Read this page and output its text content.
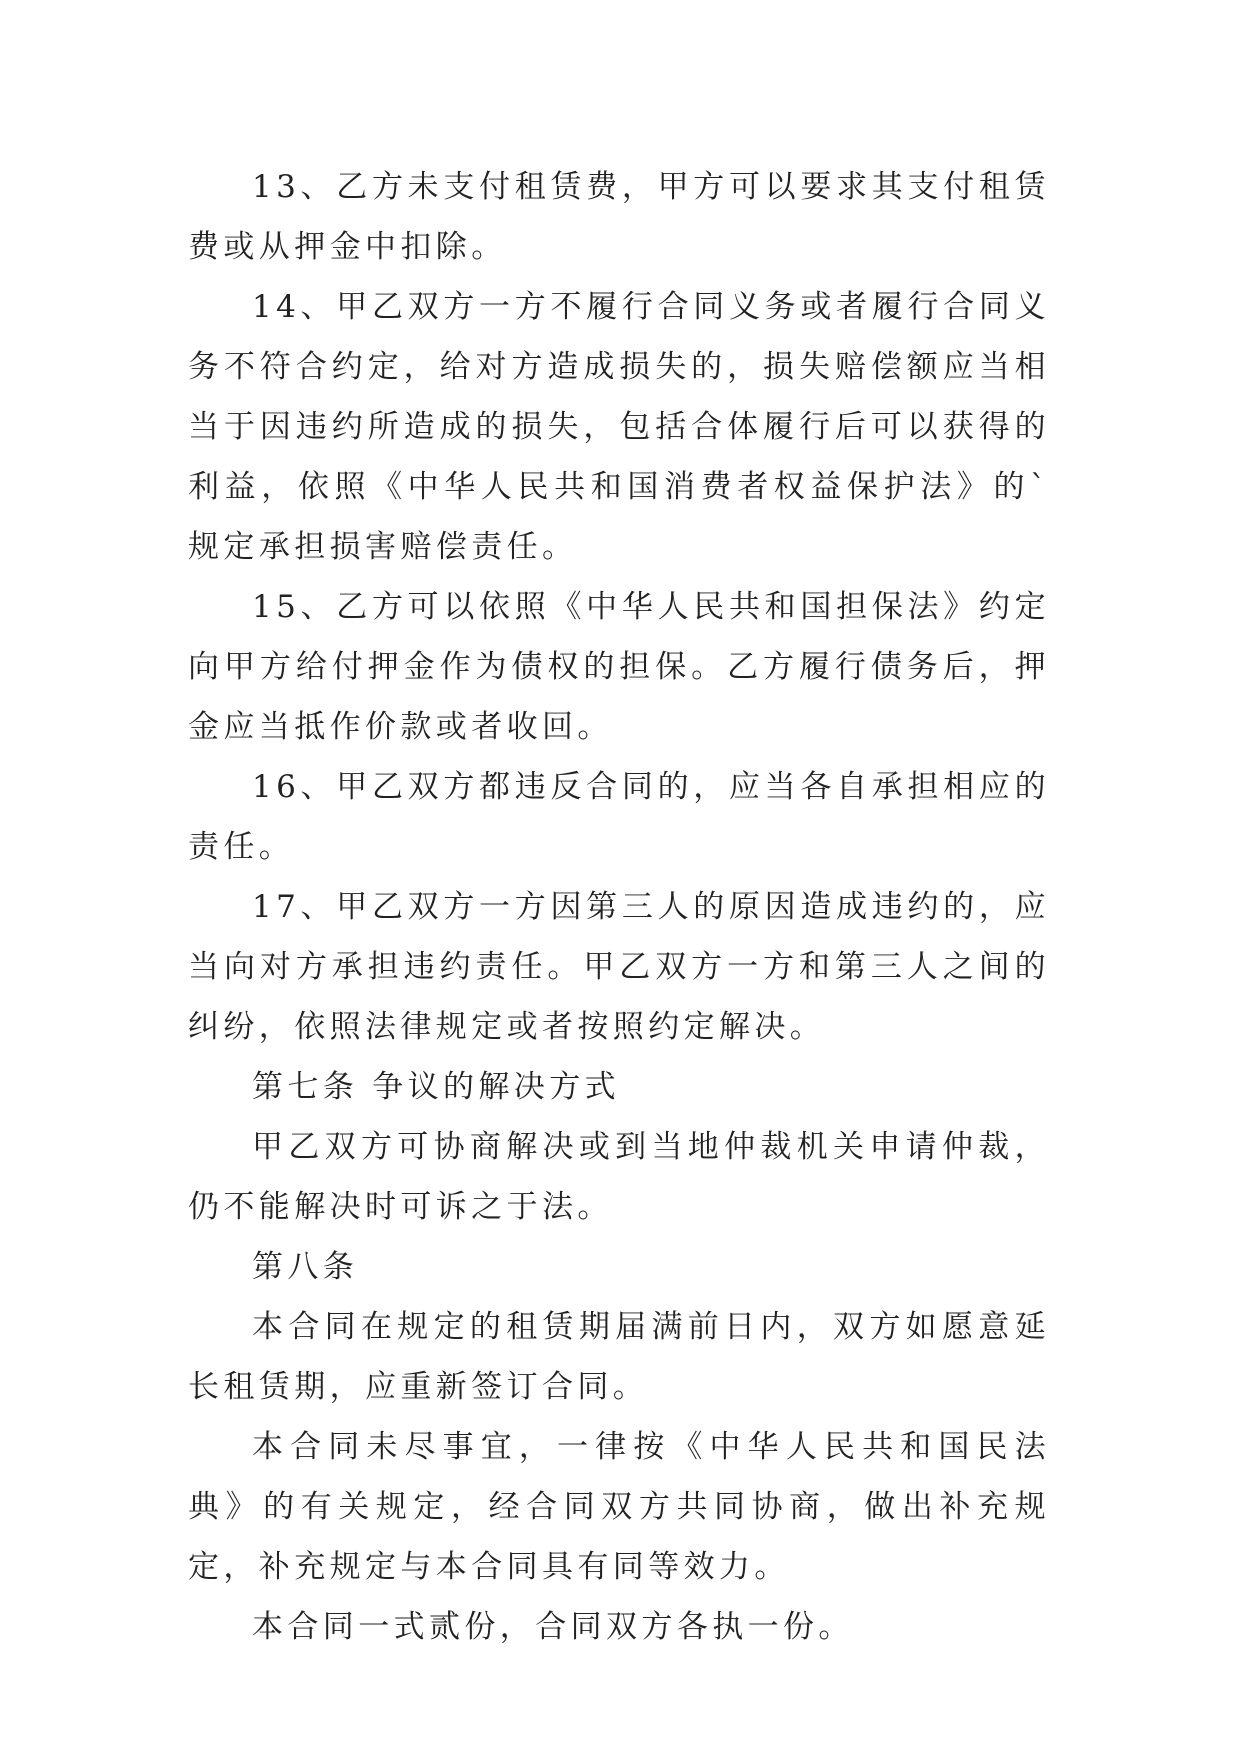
13、乙方未支付租赁费，甲方可以要求其支付租赁费或从押金中扣除。

14、甲乙双方一方不履行合同义务或者履行合同义务不符合约定，给对方造成损失的，损失赔偿额应当相当于因违约所造成的损失，包括合体履行后可以获得的利益，依照《中华人民共和国消费者权益保护法》的`规定承担损害赔偿责任。

15、乙方可以依照《中华人民共和国担保法》约定向甲方给付押金作为债权的担保。乙方履行债务后，押金应当抵作价款或者收回。

16、甲乙双方都违反合同的，应当各自承担相应的责任。

17、甲乙双方一方因第三人的原因造成违约的，应当向对方承担违约责任。甲乙双方一方和第三人之间的纠纷，依照法律规定或者按照约定解决。

第七条 争议的解决方式

甲乙双方可协商解决或到当地仲裁机关申请仲裁，仍不能解决时可诉之于法。

第八条

本合同在规定的租赁期届满前日内，双方如愿意延长租赁期，应重新签订合同。

本合同未尽事宜，一律按《中华人民共和国民法典》的有关规定，经合同双方共同协商，做出补充规定，补充规定与本合同具有同等效力。

本合同一式贰份，合同双方各执一份。
